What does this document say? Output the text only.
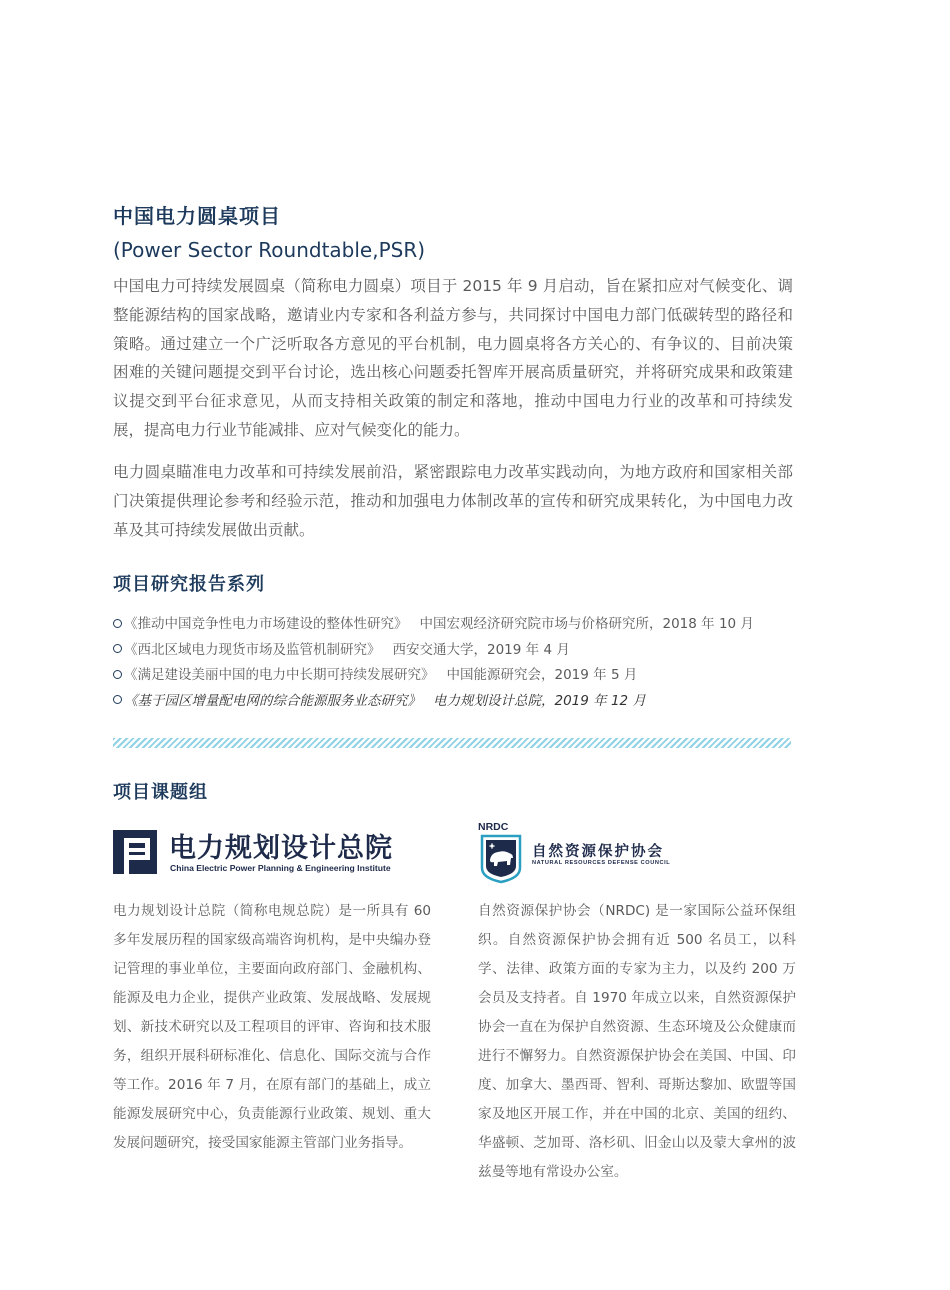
中国电力圆桌项目
(Power Sector Roundtable,PSR)
中国电力可持续发展圆桌（简称电力圆桌）项目于 2015 年 9 月启动，旨在紧扣应对气候变化、调整能源结构的国家战略，邀请业内专家和各利益方参与，共同探讨中国电力部门低碳转型的路径和策略。通过建立一个广泛听取各方意见的平台机制，电力圆桌将各方关心的、有争议的、目前决策困难的关键问题提交到平台讨论，选出核心问题委托智库开展高质量研究，并将研究成果和政策建议提交到平台征求意见，从而支持相关政策的制定和落地，推动中国电力行业的改革和可持续发展，提高电力行业节能减排、应对气候变化的能力。
电力圆桌瞄准电力改革和可持续发展前沿，紧密跟踪电力改革实践动向，为地方政府和国家相关部门决策提供理论参考和经验示范，推动和加强电力体制改革的宣传和研究成果转化，为中国电力改革及其可持续发展做出贡献。
项目研究报告系列
《推动中国竞争性电力市场建设的整体性研究》 中国宏观经济研究院市场与价格研究所，2018 年 10 月
《西北区域电力现货市场及监管机制研究》 西安交通大学，2019 年 4 月
《满足建设美丽中国的电力中长期可持续发展研究》 中国能源研究会，2019 年 5 月
《基于园区增量配电网的综合能源服务业态研究》 电力规划设计总院，2019 年 12 月
项目课题组
电力规划设计总院
China Electric Power Planning & Engineering Institute
NRDC
自然资源保护协会
NATURAL RESOURCES DEFENSE COUNCIL
电力规划设计总院（简称电规总院）是一所具有 60 多年发展历程的国家级高端咨询机构，是中央编办登记管理的事业单位，主要面向政府部门、金融机构、能源及电力企业，提供产业政策、发展战略、发展规划、新技术研究以及工程项目的评审、咨询和技术服务，组织开展科研标准化、信息化、国际交流与合作等工作。2016 年 7 月，在原有部门的基础上，成立能源发展研究中心，负责能源行业政策、规划、重大发展问题研究，接受国家能源主管部门业务指导。
自然资源保护协会（NRDC) 是一家国际公益环保组织。自然资源保护协会拥有近 500 名员工，以科学、法律、政策方面的专家为主力，以及约 200 万会员及支持者。自 1970 年成立以来，自然资源保护协会一直在为保护自然资源、生态环境及公众健康而进行不懈努力。自然资源保护协会在美国、中国、印度、加拿大、墨西哥、智利、哥斯达黎加、欧盟等国家及地区开展工作，并在中国的北京、美国的纽约、华盛顿、芝加哥、洛杉矶、旧金山以及蒙大拿州的波兹曼等地有常设办公室。
